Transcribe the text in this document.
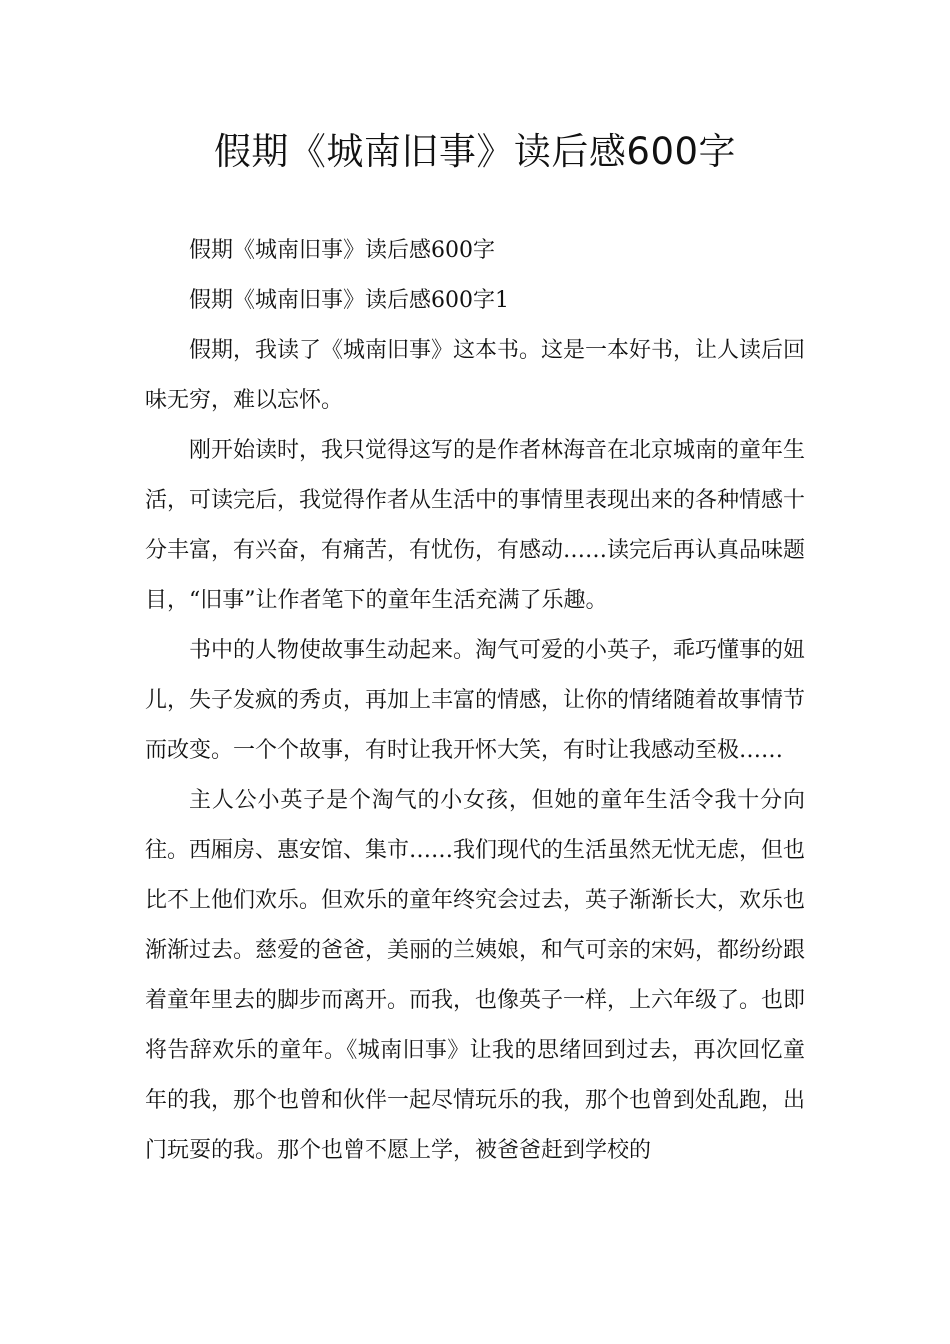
假期《城南旧事》读后感600字

假期《城南旧事》读后感600字

假期《城南旧事》读后感600字1

假期，我读了《城南旧事》这本书。这是一本好书，让人读后回味无穷，难以忘怀。

刚开始读时，我只觉得这写的是作者林海音在北京城南的童年生活，可读完后，我觉得作者从生活中的事情里表现出来的各种情感十分丰富，有兴奋，有痛苦，有忧伤，有感动……读完后再认真品味题目，“旧事”让作者笔下的童年生活充满了乐趣。

书中的人物使故事生动起来。淘气可爱的小英子，乖巧懂事的妞儿，失子发疯的秀贞，再加上丰富的情感，让你的情绪随着故事情节而改变。一个个故事，有时让我开怀大笑，有时让我感动至极……

主人公小英子是个淘气的小女孩，但她的童年生活令我十分向往。西厢房、惠安馆、集市……我们现代的生活虽然无忧无虑，但也比不上他们欢乐。但欢乐的童年终究会过去，英子渐渐长大，欢乐也渐渐过去。慈爱的爸爸，美丽的兰姨娘，和气可亲的宋妈，都纷纷跟着童年里去的脚步而离开。而我，也像英子一样，上六年级了。也即将告辞欢乐的童年。《城南旧事》让我的思绪回到过去，再次回忆童年的我，那个也曾和伙伴一起尽情玩乐的我，那个也曾到处乱跑，出门玩耍的我。那个也曾不愿上学，被爸爸赶到学校的
